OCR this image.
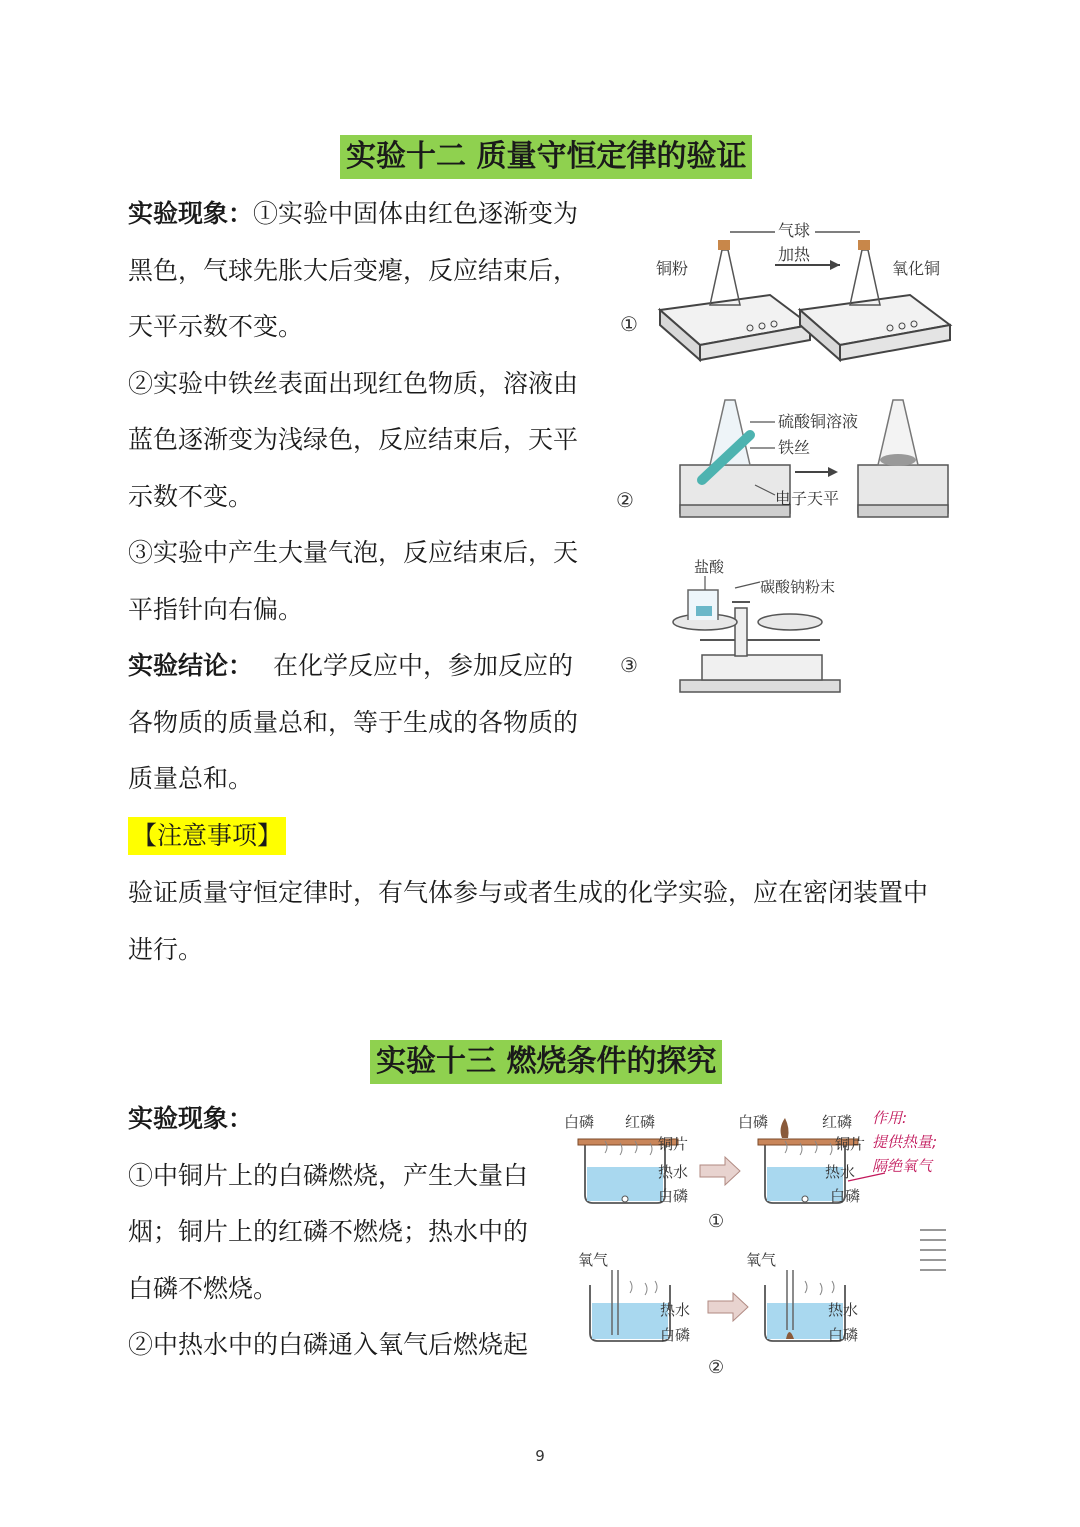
实验十二 质量守恒定律的验证

实验现象：①实验中固体由红色逐渐变为

黑色，气球先胀大后变瘪，反应结束后，

天平示数不变。

②实验中铁丝表面出现红色物质，溶液由

蓝色逐渐变为浅绿色，反应结束后，天平

示数不变。

③实验中产生大量气泡，反应结束后，天

平指针向右偏。

实验结论： 在化学反应中，参加反应的

各物质的质量总和，等于生成的各物质的

质量总和。

【注意事项】

验证质量守恒定律时，有气体参与或者生成的化学实验，应在密闭装置中

进行。

气球
加热
铜粉	氧化铜
①
硫酸铜溶液
铁丝
电子天平
②
盐酸
碳酸钠粉末
③
实验十三 燃烧条件的探究

实验现象：

①中铜片上的白磷燃烧，产生大量白

烟；铜片上的红磷不燃烧；热水中的

白磷不燃烧。

②中热水中的白磷通入氧气后燃烧起

白磷 红磷
铜片
热水
白磷
白磷	红磷
铜片
热水
白磷
作用:
提供热量;
隔绝氧气
①
氧气
热水
白磷
氧气
热水
白磷
②
9
